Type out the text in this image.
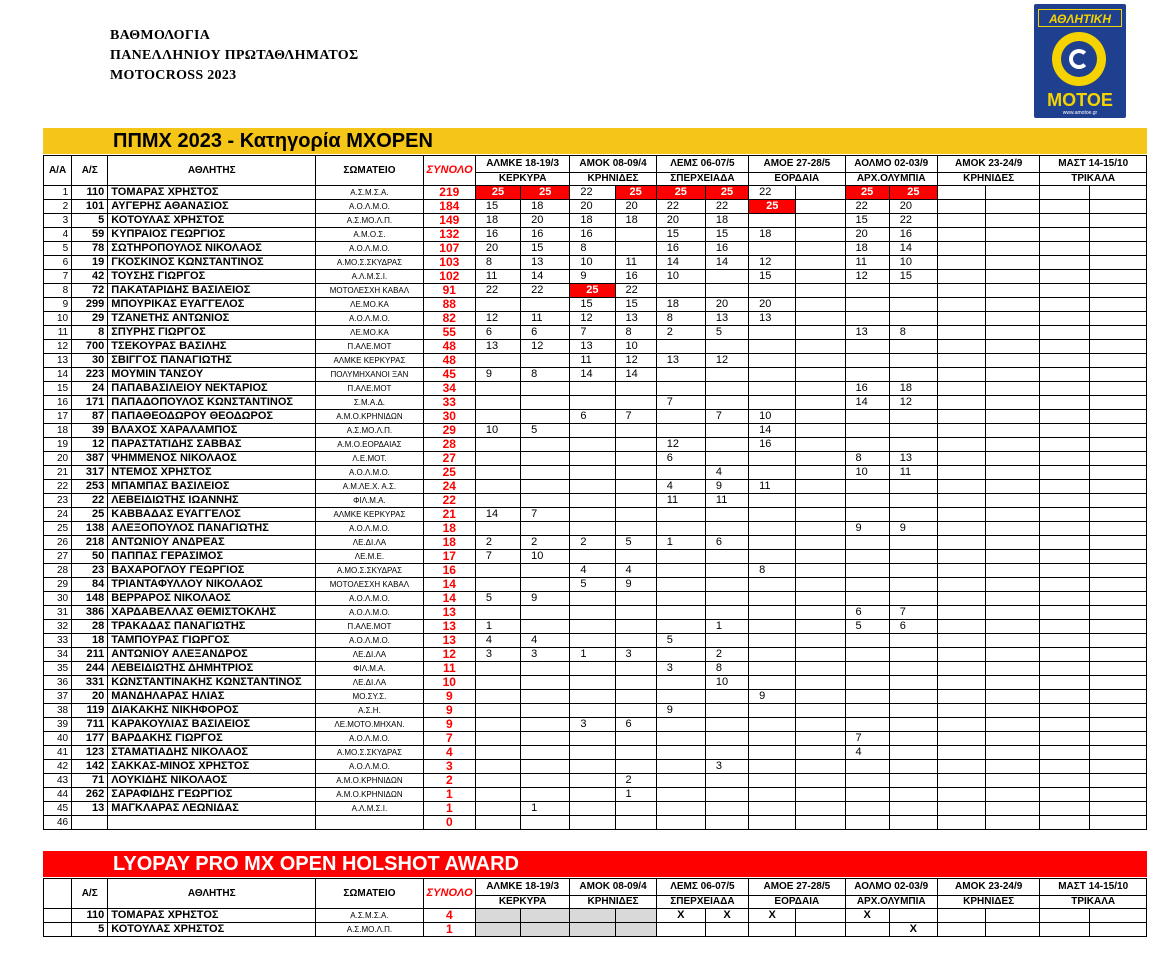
ΒΑΘΜΟΛΟΓΙΑ
ΠΑΝΕΛΛΗΝΙΟΥ ΠΡΩΤΑΘΛΗΜΑΤΟΣ
MOTOCROSS 2023
ΑΘΛΗΤΙΚΗ
ΜΟΤΟΕ
www.amotoe.gr
ΠΠΜΧ 2023 - Κατηγορία MXOPEN
Α/Α	Α/Σ	ΑΘΛΗΤΗΣ	ΣΩΜΑΤΕΙΟ	ΣΥΝΟΛΟ	ΑΛΜΚΕ 18-19/3		ΑΜΟΚ 08-09/4		ΛΕΜΣ 06-07/5		ΑΜΟΕ 27-28/5		ΑΟΛΜΟ 02-03/9		ΑΜΟΚ 23-24/9		ΜΑΣΤ 14-15/10	
					ΚΕΡΚΥΡΑ		ΚΡΗΝΙΔΕΣ		ΣΠΕΡΧΕΙΑΔΑ		ΕΟΡΔΑΙΑ		ΑΡΧ.ΟΛΥΜΠΙΑ		ΚΡΗΝΙΔΕΣ		ΤΡΙΚΑΛΑ	
1	110	ΤΟΜΑΡΑΣ ΧΡΗΣΤΟΣ	Α.Σ.Μ.Σ.Α.	219	25	25	22	25	25	25	22		25	25				
2	101	ΑΥΓΕΡΗΣ ΑΘΑΝΑΣΙΟΣ	Α.Ο.Λ.Μ.Ο.	184	15	18	20	20	22	22	25		22	20				
3	5	ΚΟΤΟΥΛΑΣ ΧΡΗΣΤΟΣ	Α.Σ.ΜΟ.Λ.Π.	149	18	20	18	18	20	18			15	22				
4	59	ΚΥΠΡΑΙΟΣ ΓΕΩΡΓΙΟΣ	Α.Μ.Ο.Σ.	132	16	16	16		15	15	18		20	16				
5	78	ΣΩΤΗΡΟΠΟΥΛΟΣ ΝΙΚΟΛΑΟΣ	Α.Ο.Λ.Μ.Ο.	107	20	15	8		16	16			18	14				
6	19	ΓΚΟΣΚΙΝΟΣ ΚΩΝΣΤΑΝΤΙΝΟΣ	Α.ΜΟ.Σ.ΣΚΥΔΡΑΣ	103	8	13	10	11	14	14	12		11	10				
7	42	ΤΟΥΣΗΣ ΓΙΩΡΓΟΣ	Α.Λ.Μ.Σ.Ι.	102	11	14	9	16	10		15		12	15				
8	72	ΠΑΚΑΤΑΡΙΔΗΣ ΒΑΣΙΛΕΙΟΣ	ΜΟΤΟΛΕΣΧΗ ΚΑΒΑΛ	91	22	22	25	22										
9	299	ΜΠΟΥΡΙΚΑΣ ΕΥΑΓΓΕΛΟΣ	ΛΕ.ΜΟ.ΚΑ	88			15	15	18	20	20							
10	29	ΤΖΑΝΕΤΗΣ ΑΝΤΩΝΙΟΣ	Α.Ο.Λ.Μ.Ο.	82	12	11	12	13	8	13	13							
11	8	ΣΠΥΡΗΣ ΓΙΩΡΓΟΣ	ΛΕ.ΜΟ.ΚΑ	55	6	6	7	8	2	5			13	8				
12	700	ΤΣΕΚΟΥΡΑΣ ΒΑΣΙΛΗΣ	Π.ΑΛΕ.ΜΟΤ	48	13	12	13	10										
13	30	ΣΒΙΓΓΟΣ ΠΑΝΑΓΙΩΤΗΣ	ΑΛΜΚΕ ΚΕΡΚΥΡΑΣ	48			11	12	13	12								
14	223	ΜΟΥΜΙΝ ΤΑΝΣΟΥ	ΠΟΛΥΜΗΧΑΝΟΙ ΞΑΝ	45	9	8	14	14										
15	24	ΠΑΠΑΒΑΣΙΛΕΙΟΥ ΝΕΚΤΑΡΙΟΣ	Π.ΑΛΕ.ΜΟΤ	34									16	18				
16	171	ΠΑΠΑΔΟΠΟΥΛΟΣ ΚΩΝΣΤΑΝΤΙΝΟΣ	Σ.Μ.Α.Δ.	33					7				14	12				
17	87	ΠΑΠΑΘΕΟΔΩΡΟΥ ΘΕΟΔΩΡΟΣ	Α.Μ.Ο.ΚΡΗΝΙΔΩΝ	30			6	7		7	10							
18	39	ΒΛΑΧΟΣ ΧΑΡΑΛΑΜΠΟΣ	Α.Σ.ΜΟ.Λ.Π.	29	10	5					14							
19	12	ΠΑΡΑΣΤΑΤΙΔΗΣ ΣΑΒΒΑΣ	Α.Μ.Ο.ΕΟΡΔΑΙΑΣ	28					12		16							
20	387	ΨΗΜΜΕΝΟΣ ΝΙΚΟΛΑΟΣ	Λ.Ε.ΜΟΤ.	27					6				8	13				
21	317	ΝΤΕΜΟΣ ΧΡΗΣΤΟΣ	Α.Ο.Λ.Μ.Ο.	25						4			10	11				
22	253	ΜΠΑΜΠΑΣ ΒΑΣΙΛΕΙΟΣ	Α.Μ.ΛΕ.Χ. Α.Σ.	24					4	9	11							
23	22	ΛΕΒΕΙΔΙΩΤΗΣ ΙΩΑΝΝΗΣ	ΦΙΛ.Μ.Α.	22					11	11								
24	25	ΚΑΒΒΑΔΑΣ ΕΥΑΓΓΕΛΟΣ	ΑΛΜΚΕ ΚΕΡΚΥΡΑΣ	21	14	7												
25	138	ΑΛΕΞΟΠΟΥΛΟΣ ΠΑΝΑΓΙΩΤΗΣ	Α.Ο.Λ.Μ.Ο.	18									9	9				
26	218	ΑΝΤΩΝΙΟΥ ΑΝΔΡΕΑΣ	ΛΕ.ΔΙ.ΛΑ	18	2	2	2	5	1	6								
27	50	ΠΑΠΠΑΣ ΓΕΡΑΣΙΜΟΣ	ΛΕ.Μ.Ε.	17	7	10												
28	23	ΒΑΧΑΡΟΓΛΟΥ ΓΕΩΡΓΙΟΣ	Α.ΜΟ.Σ.ΣΚΥΔΡΑΣ	16			4	4			8							
29	84	ΤΡΙΑΝΤΑΦΥΛΛΟΥ ΝΙΚΟΛΑΟΣ	ΜΟΤΟΛΕΣΧΗ ΚΑΒΑΛ	14			5	9										
30	148	ΒΕΡΡΑΡΟΣ ΝΙΚΟΛΑΟΣ	Α.Ο.Λ.Μ.Ο.	14	5	9												
31	386	ΧΑΡΔΑΒΕΛΛΑΣ ΘΕΜΙΣΤΟΚΛΗΣ	Α.Ο.Λ.Μ.Ο.	13									6	7				
32	28	ΤΡΑΚΑΔΑΣ ΠΑΝΑΓΙΩΤΗΣ	Π.ΑΛΕ.ΜΟΤ	13	1					1			5	6				
33	18	ΤΑΜΠΟΥΡΑΣ ΓΙΩΡΓΟΣ	Α.Ο.Λ.Μ.Ο.	13	4	4			5									
34	211	ΑΝΤΩΝΙΟΥ ΑΛΕΞΑΝΔΡΟΣ	ΛΕ.ΔΙ.ΛΑ	12	3	3	1	3		2								
35	244	ΛΕΒΕΙΔΙΩΤΗΣ ΔΗΜΗΤΡΙΟΣ	ΦΙΛ.Μ.Α.	11					3	8								
36	331	ΚΩΝΣΤΑΝΤΙΝΑΚΗΣ ΚΩΝΣΤΑΝΤΙΝΟΣ	ΛΕ.ΔΙ.ΛΑ	10						10								
37	20	ΜΑΝΔΗΛΑΡΑΣ ΗΛΙΑΣ	ΜΟ.ΣΥ.Σ.	9							9							
38	119	ΔΙΑΚΑΚΗΣ ΝΙΚΗΦΟΡΟΣ	Α.Σ.Η.	9					9									
39	711	ΚΑΡΑΚΟΥΛΙΑΣ ΒΑΣΙΛΕΙΟΣ	ΛΕ.ΜΟΤΟ.ΜΗΧΑΝ.	9			3	6										
40	177	ΒΑΡΔΑΚΗΣ ΓΙΩΡΓΟΣ	Α.Ο.Λ.Μ.Ο.	7									7					
41	123	ΣΤΑΜΑΤΙΑΔΗΣ ΝΙΚΟΛΑΟΣ	Α.ΜΟ.Σ.ΣΚΥΔΡΑΣ	4									4					
42	142	ΣΑΚΚΑΣ-ΜΙΝΟΣ ΧΡΗΣΤΟΣ	Α.Ο.Λ.Μ.Ο.	3						3								
43	71	ΛΟΥΚΙΔΗΣ ΝΙΚΟΛΑΟΣ	Α.Μ.Ο.ΚΡΗΝΙΔΩΝ	2				2										
44	262	ΣΑΡΑΦΙΔΗΣ ΓΕΩΡΓΙΟΣ	Α.Μ.Ο.ΚΡΗΝΙΔΩΝ	1				1										
45	13	ΜΑΓΚΛΑΡΑΣ ΛΕΩΝΙΔΑΣ	Α.Λ.Μ.Σ.Ι.	1		1												
46				0														
LYOPAY PRO MX OPEN HOLSHOT AWARD
	Α/Σ	ΑΘΛΗΤΗΣ	ΣΩΜΑΤΕΙΟ	ΣΥΝΟΛΟ	ΑΛΜΚΕ 18-19/3		ΑΜΟΚ 08-09/4		ΛΕΜΣ 06-07/5		ΑΜΟΕ 27-28/5		ΑΟΛΜΟ 02-03/9		ΑΜΟΚ 23-24/9		ΜΑΣΤ 14-15/10	
					ΚΕΡΚΥΡΑ		ΚΡΗΝΙΔΕΣ		ΣΠΕΡΧΕΙΑΔΑ		ΕΟΡΔΑΙΑ		ΑΡΧ.ΟΛΥΜΠΙΑ		ΚΡΗΝΙΔΕΣ		ΤΡΙΚΑΛΑ	
	110	ΤΟΜΑΡΑΣ ΧΡΗΣΤΟΣ	Α.Σ.Μ.Σ.Α.	4					X	X	X		X					
	5	ΚΟΤΟΥΛΑΣ ΧΡΗΣΤΟΣ	Α.Σ.ΜΟ.Λ.Π.	1										X				
